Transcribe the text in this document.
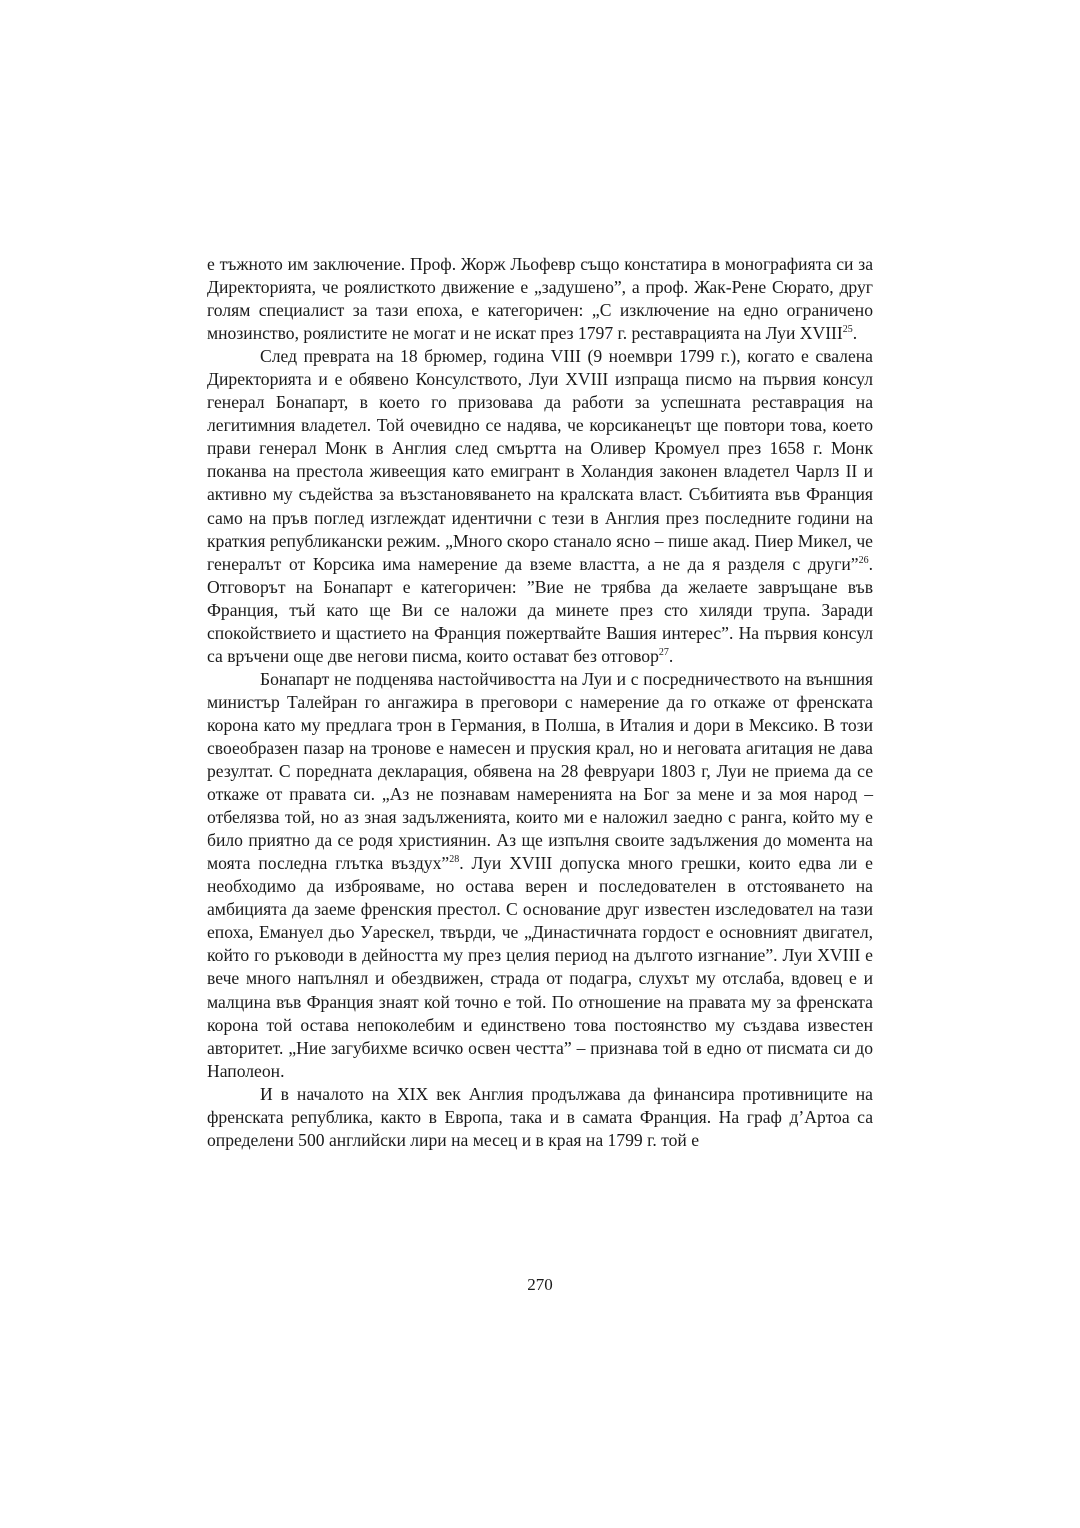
е тъжното им заключение. Проф. Жорж Льофевр също констатира в монографията си за Директорията, че роялисткото движение е „задушено”, а проф. Жак-Рене Сюрато, друг голям специалист за тази епоха, е категоричен: „С изключение на едно ограничено мнозинство, роялистите не могат и не искат през 1797 г. реставрацията на Луи XVIII$^{25}$.

След преврата на 18 брюмер, година VIII (9 ноември 1799 г.), когато е свалена Директорията и е обявено Консулството, Луи XVIII изпраща писмо на първия консул генерал Бонапарт, в което го призовава да работи за успешната реставрация на легитимния владетел. Той очевидно се надява, че корсиканецът ще повтори това, което прави генерал Монк в Англия след смъртта на Оливер Кромуел през 1658 г. Монк поканва на престола живеещия като емигрант в Холандия законен владетел Чарлз II и активно му съдейства за възстановяването на кралската власт. Събитията във Франция само на пръв поглед изглеждат идентични с тези в Англия през последните години на краткия републикански режим. „Много скоро станало ясно – пише акад. Пиер Микел, че генералът от Корсика има намерение да вземе властта, а не да я разделя с други”$^{26}$. Отговорът на Бонапарт е категоричен: ”Вие не трябва да желаете завръщане във Франция, тъй като ще Ви се наложи да минете през сто хиляди трупа. Заради спокойствието и щастието на Франция пожертвайте Вашия интерес”. На първия консул са връчени още две негови писма, които остават без отговор$^{27}$.

Бонапарт не подценява настойчивостта на Луи и с посредничеството на външния министър Талейран го ангажира в преговори с намерение да го откаже от френската корона като му предлага трон в Германия, в Полша, в Италия и дори в Мексико. В този своеобразен пазар на тронове е намесен и пруския крал, но и неговата агитация не дава резултат. С поредната декларация, обявена на 28 февруари 1803 г, Луи не приема да се откаже от правата си. „Аз не познавам намеренията на Бог за мене и за моя народ – отбелязва той, но аз зная задълженията, които ми е наложил заедно с ранга, който му е било приятно да се родя християнин. Аз ще изпълня своите задължения до момента на моята последна глътка въздух”$^{28}$. Луи XVIII допуска много грешки, които едва ли е необходимо да изброяваме, но остава верен и последователен в отстояването на амбицията да заеме френския престол. С основание друг известен изследовател на тази епоха, Емануел дьо Уарескел, твърди, че „Династичната гордост е основният двигател, който го ръководи в дейността му през целия период на дългото изгнание”. Луи XVIII е вече много напълнял и обездвижен, страда от подагра, слухът му отслаба, вдовец е и малцина във Франция знаят кой точно е той. По отношение на правата му за френската корона той остава непоколебим и единствено това постоянство му създава известен авторитет. „Ние загубихме всичко освен честта” – признава той в едно от писмата си до Наполеон.

И в началото на XIX век Англия продължава да финансира противниците на френската република, както в Европа, така и в самата Франция. На граф д’Артоа са определени 500 английски лири на месец и в края на 1799 г. той е

270
